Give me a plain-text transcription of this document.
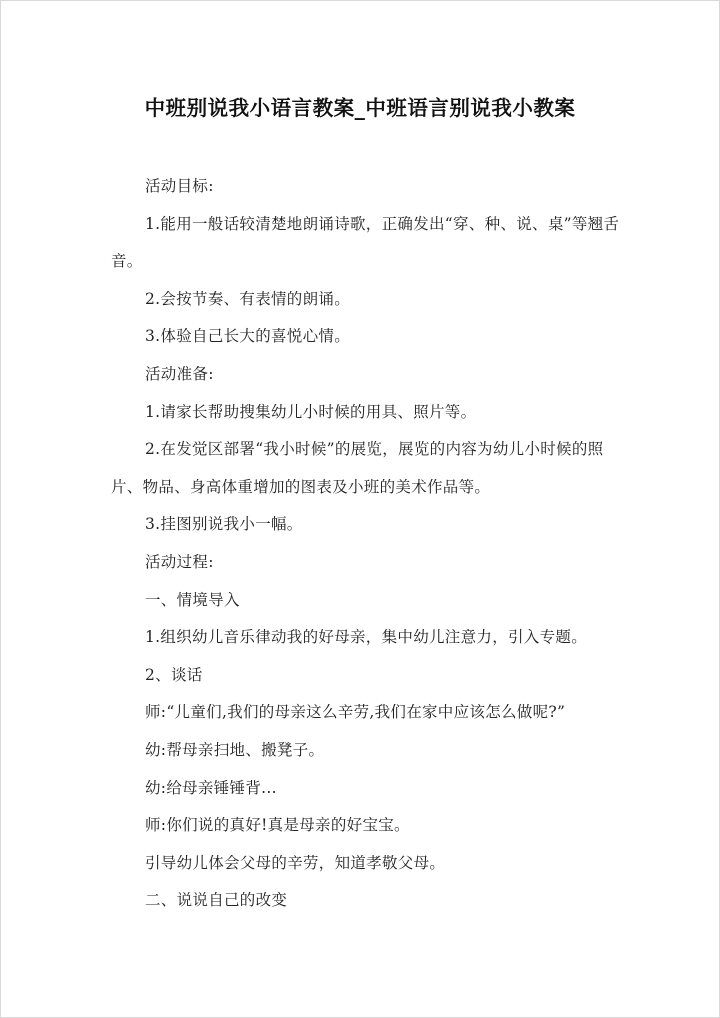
中班别说我小语言教案_中班语言别说我小教案

活动目标:

1.能用一般话较清楚地朗诵诗歌，正确发出“穿、种、说、桌”等翘舌音。

2.会按节奏、有表情的朗诵。

3.体验自己长大的喜悦心情。

活动准备:

1.请家长帮助搜集幼儿小时候的用具、照片等。

2.在发觉区部署“我小时候”的展览，展览的内容为幼儿小时候的照片、物品、身高体重增加的图表及小班的美术作品等。

3.挂图别说我小一幅。

活动过程:

一、情境导入

1.组织幼儿音乐律动我的好母亲，集中幼儿注意力，引入专题。

2、谈话

师:“儿童们,我们的母亲这么辛劳,我们在家中应该怎么做呢?”

幼:帮母亲扫地、搬凳子。

幼:给母亲锤锤背...

师:你们说的真好!真是母亲的好宝宝。

引导幼儿体会父母的辛劳，知道孝敬父母。

二、说说自己的改变
